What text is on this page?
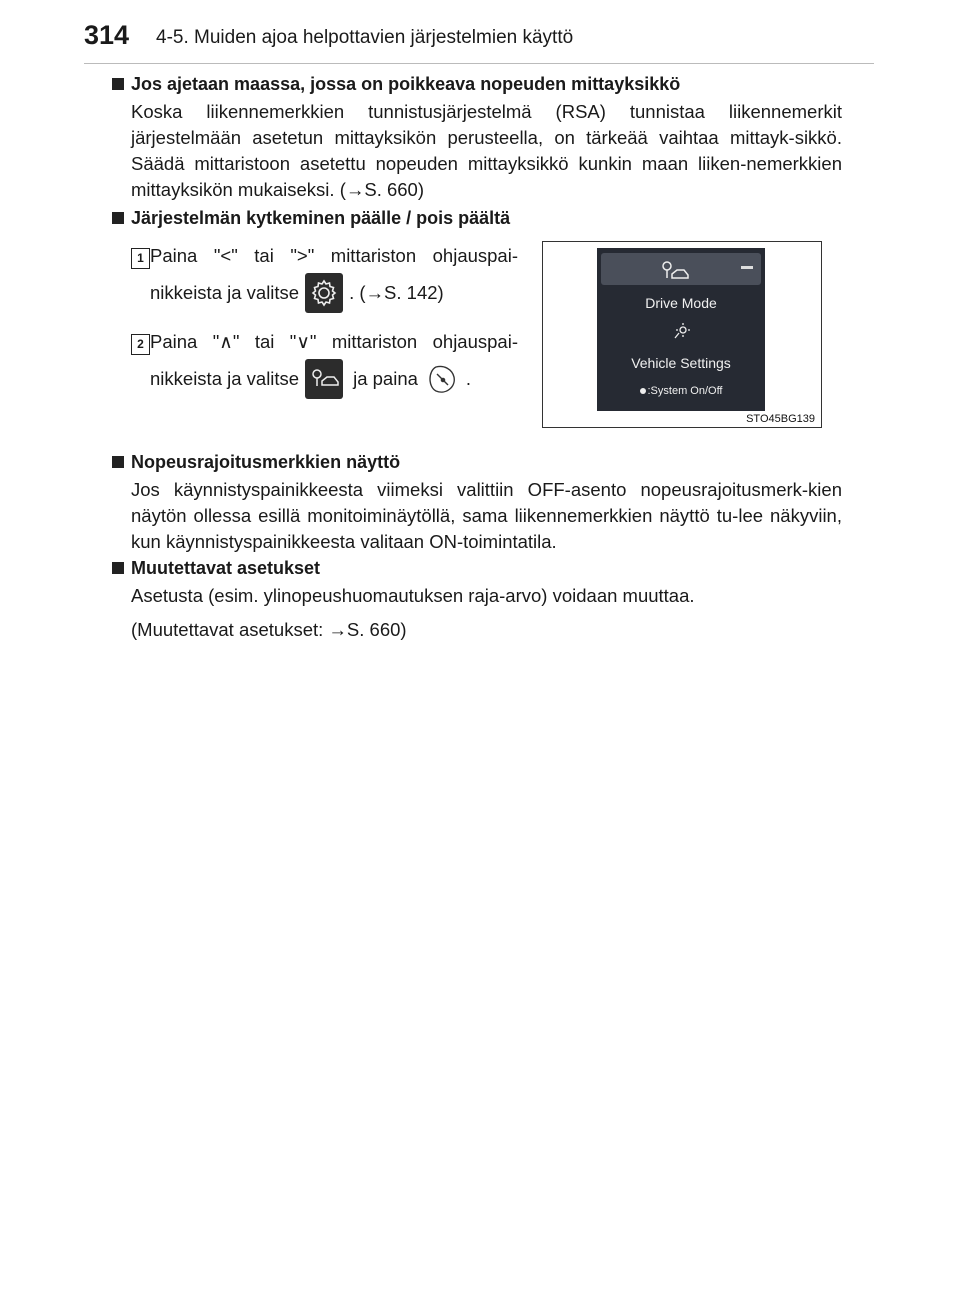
314 4-5. Muiden ajoa helpottavien järjestelmien käyttö
Jos ajetaan maassa, jossa on poikkeava nopeuden mittayksikkö
Koska liikennemerkkien tunnistusjärjestelmä (RSA) tunnistaa liikennemerkit järjestelmään asetetun mittayksikön perusteella, on tärkeää vaihtaa mittayk-sikkö. Säädä mittaristoon asetettu nopeuden mittayksikkö kunkin maan liiken-nemerkkien mittayksikön mukaiseksi. (→S. 660)
Järjestelmän kytkeminen päälle / pois päältä
1 Paina "<" tai ">" mittariston ohjauspai-
nikkeista ja valitse	. (→S. 142)
2 Paina "∧" tai "∨" mittariston ohjauspai-
nikkeista ja valitse	ja paina	.
Drive Mode
Vehicle Settings
:System On/Off
STO45BG139
Nopeusrajoitusmerkkien näyttö
Jos käynnistyspainikkeesta viimeksi valittiin OFF-asento nopeusrajoitusmerk-kien näytön ollessa esillä monitoiminäytöllä, sama liikennemerkkien näyttö tu-lee näkyviin, kun käynnistyspainikkeesta valitaan ON-toimintatila.
Muutettavat asetukset
Asetusta (esim. ylinopeushuomautuksen raja-arvo) voidaan muuttaa.
(Muutettavat asetukset: →S. 660)
